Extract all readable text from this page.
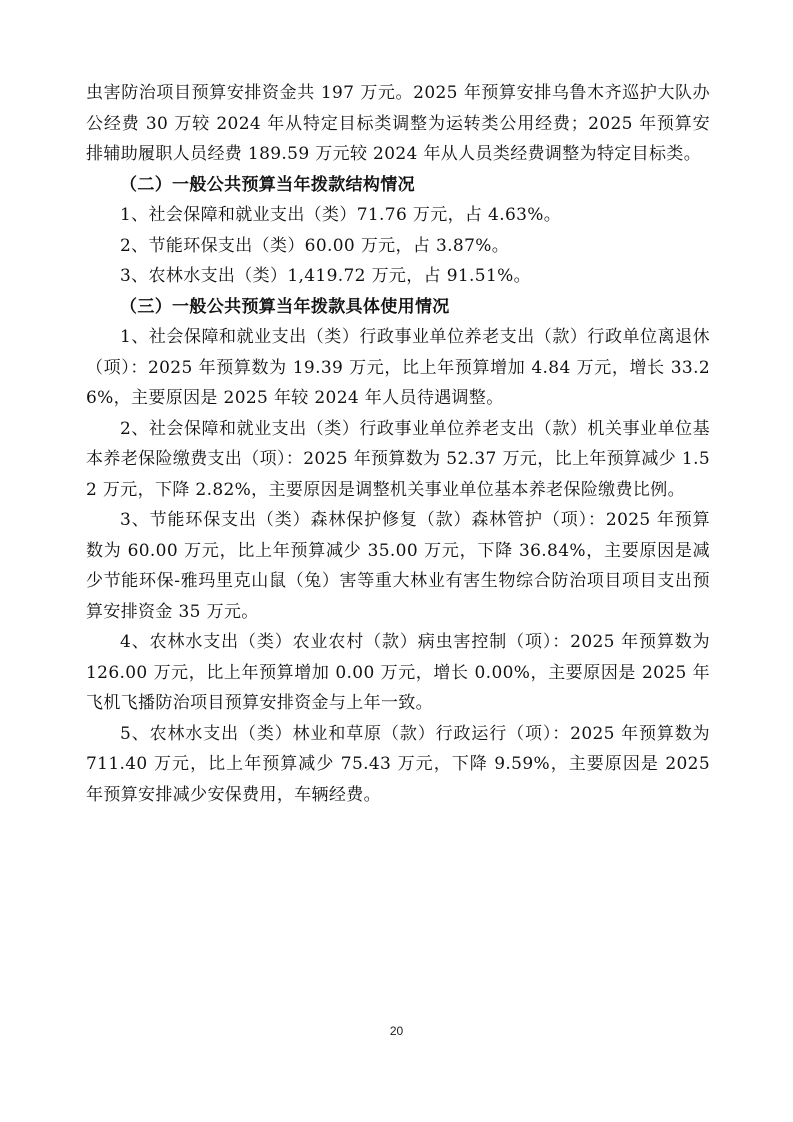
虫害防治项目预算安排资金共 197 万元。2025 年预算安排乌鲁木齐巡护大队办公经费 30 万较 2024 年从特定目标类调整为运转类公用经费；2025 年预算安排辅助履职人员经费 189.59 万元较 2024 年从人员类经费调整为特定目标类。

（二）一般公共预算当年拨款结构情况

1、社会保障和就业支出（类）71.76 万元，占 4.63%。

2、节能环保支出（类）60.00 万元，占 3.87%。

3、农林水支出（类）1,419.72 万元，占 91.51%。

（三）一般公共预算当年拨款具体使用情况

1、社会保障和就业支出（类）行政事业单位养老支出（款）行政单位离退休（项）：2025 年预算数为 19.39 万元，比上年预算增加 4.84 万元，增长 33.26%，主要原因是 2025 年较 2024 年人员待遇调整。

2、社会保障和就业支出（类）行政事业单位养老支出（款）机关事业单位基本养老保险缴费支出（项）：2025 年预算数为 52.37 万元，比上年预算减少 1.52 万元，下降 2.82%，主要原因是调整机关事业单位基本养老保险缴费比例。

3、节能环保支出（类）森林保护修复（款）森林管护（项）：2025 年预算数为 60.00 万元，比上年预算减少 35.00 万元，下降 36.84%，主要原因是减少节能环保-雅玛里克山鼠（兔）害等重大林业有害生物综合防治项目项目支出预算安排资金 35 万元。

4、农林水支出（类）农业农村（款）病虫害控制（项）：2025 年预算数为 126.00 万元，比上年预算增加 0.00 万元，增长 0.00%，主要原因是 2025 年飞机飞播防治项目预算安排资金与上年一致。

5、农林水支出（类）林业和草原（款）行政运行（项）：2025 年预算数为 711.40 万元，比上年预算减少 75.43 万元，下降 9.59%，主要原因是 2025 年预算安排减少安保费用，车辆经费。

20
